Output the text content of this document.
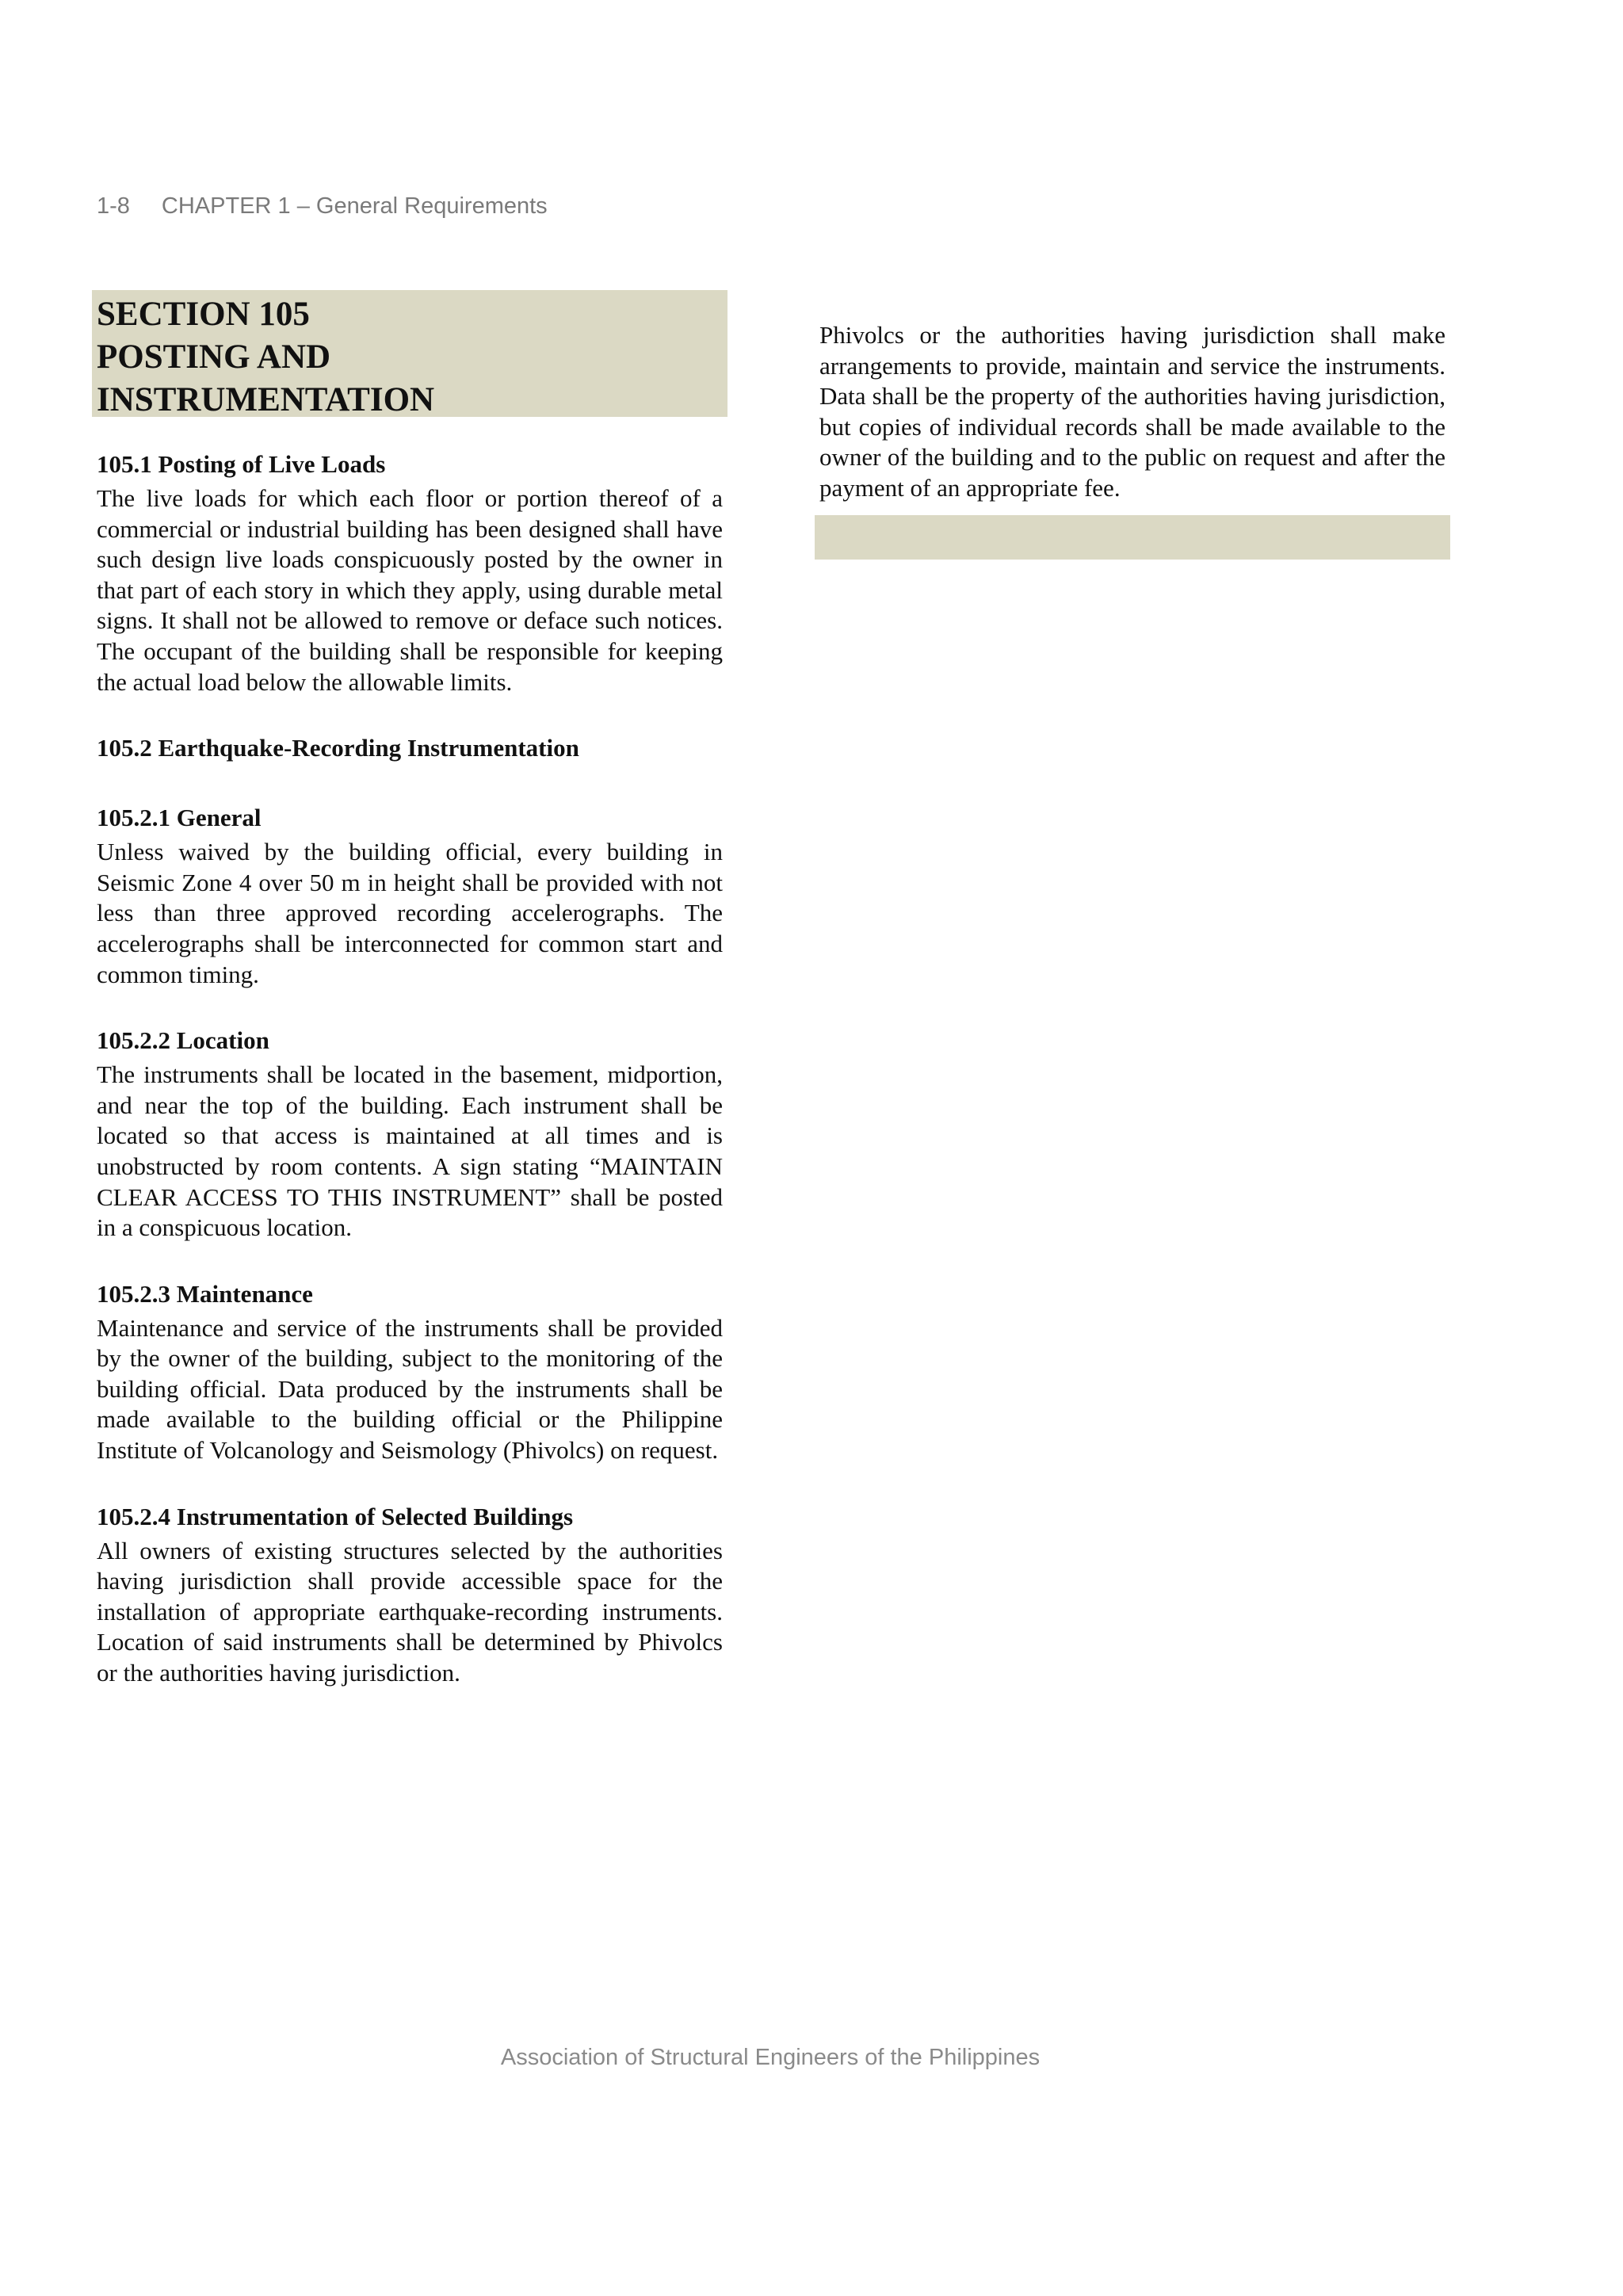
1-8 CHAPTER 1 – General Requirements
SECTION 105
POSTING AND
INSTRUMENTATION
105.1 Posting of Live Loads
The live loads for which each floor or portion thereof of a commercial or industrial building has been designed shall have such design live loads conspicuously posted by the owner in that part of each story in which they apply, using durable metal signs. It shall not be allowed to remove or deface such notices. The occupant of the building shall be responsible for keeping the actual load below the allowable limits.
105.2 Earthquake-Recording Instrumentation
105.2.1 General
Unless waived by the building official, every building in Seismic Zone 4 over 50 m in height shall be provided with not less than three approved recording accelerographs. The accelerographs shall be interconnected for common start and common timing.
105.2.2 Location
The instruments shall be located in the basement, midportion, and near the top of the building. Each instrument shall be located so that access is maintained at all times and is unobstructed by room contents. A sign stating “MAINTAIN CLEAR ACCESS TO THIS INSTRUMENT” shall be posted in a conspicuous location.
105.2.3 Maintenance
Maintenance and service of the instruments shall be provided by the owner of the building, subject to the monitoring of the building official. Data produced by the instruments shall be made available to the building official or the Philippine Institute of Volcanology and Seismology (Phivolcs) on request.
105.2.4 Instrumentation of Selected Buildings
All owners of existing structures selected by the authorities having jurisdiction shall provide accessible space for the installation of appropriate earthquake-recording instruments. Location of said instruments shall be determined by Phivolcs or the authorities having jurisdiction.
Phivolcs or the authorities having jurisdiction shall make arrangements to provide, maintain and service the instruments. Data shall be the property of the authorities having jurisdiction, but copies of individual records shall be made available to the owner of the building and to the public on request and after the payment of an appropriate fee.
Association of Structural Engineers of the Philippines
